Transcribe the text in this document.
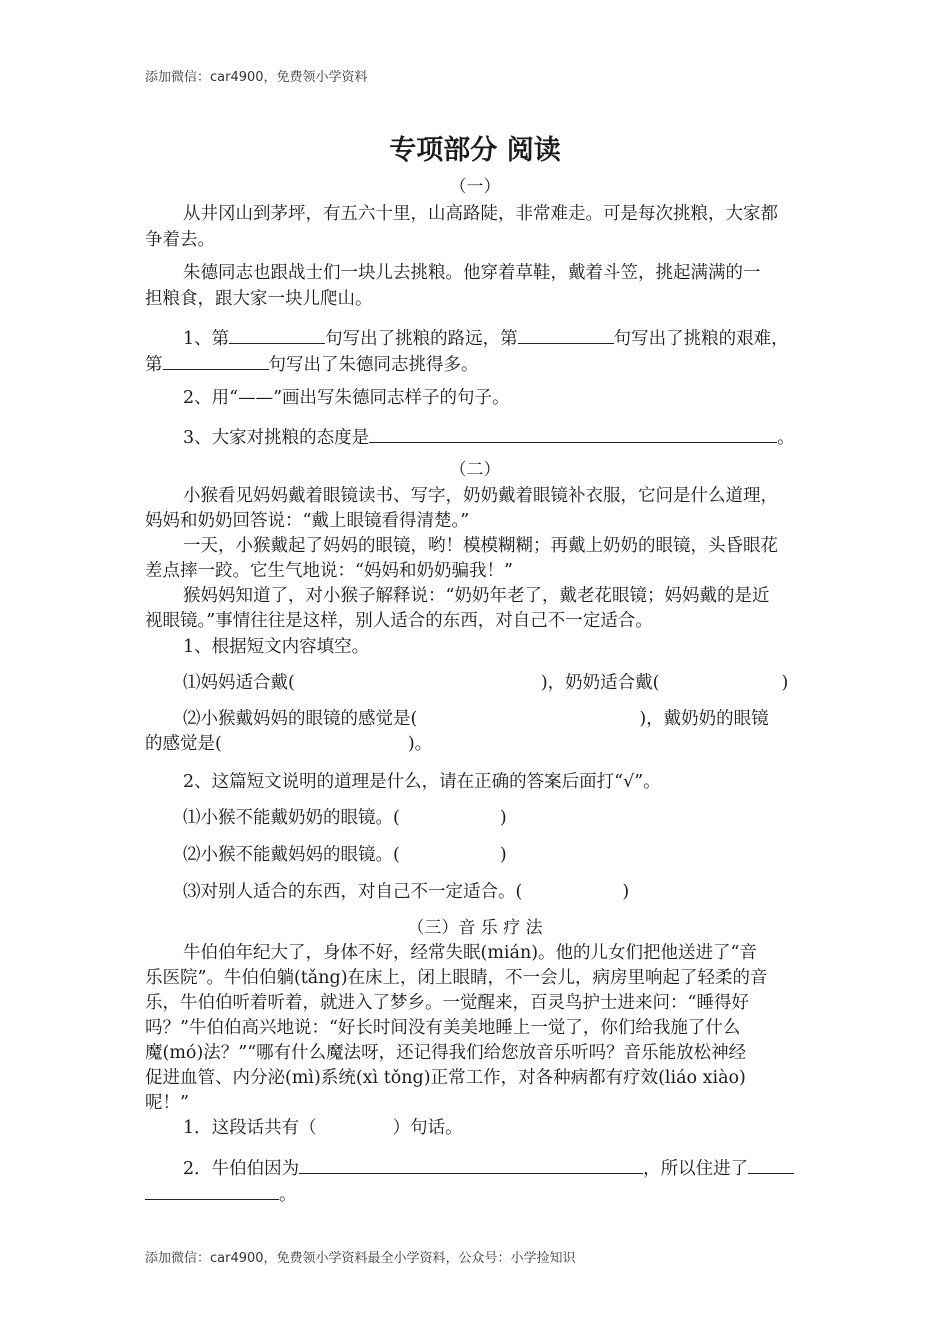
添加微信：car4900，免费领小学资料
专项部分 阅读
（一）
从井冈山到茅坪，有五六十里，山高路陡，非常难走。可是每次挑粮，大家都
争着去。
朱德同志也跟战士们一块儿去挑粮。他穿着草鞋，戴着斗笠，挑起满满的一
担粮食，跟大家一块儿爬山。
1、第	句写出了挑粮的路远，第	句写出了挑粮的艰难，
第	句写出了朱德同志挑得多。
2、用“——”画出写朱德同志样子的句子。
3、大家对挑粮的态度是	。
（二）
小猴看见妈妈戴着眼镜读书、写字，奶奶戴着眼镜补衣服，它问是什么道理，
妈妈和奶奶回答说：“戴上眼镜看得清楚。”
一天，小猴戴起了妈妈的眼镜，哟！模模糊糊；再戴上奶奶的眼镜，头昏眼花
差点摔一跤。它生气地说：“妈妈和奶奶骗我！”
猴妈妈知道了，对小猴子解释说：“奶奶年老了，戴老花眼镜；妈妈戴的是近
视眼镜。”事情往往是这样，别人适合的东西，对自己不一定适合。
1、根据短文内容填空。
⑴妈妈适合戴(	)，奶奶适合戴(	)
⑵小猴戴妈妈的眼镜的感觉是(	)，戴奶奶的眼镜
的感觉是(	)。
2、这篇短文说明的道理是什么，请在正确的答案后面打“√”。
⑴小猴不能戴奶奶的眼镜。(	)
⑵小猴不能戴妈妈的眼镜。(	)
⑶对别人适合的东西，对自己不一定适合。(	)
（三）音 乐 疗 法
牛伯伯年纪大了，身体不好，经常失眠(mián)。他的儿女们把他送进了“音
乐医院”。牛伯伯躺(tǎng)在床上，闭上眼睛，不一会儿，病房里响起了轻柔的音
乐，牛伯伯听着听着，就进入了梦乡。一觉醒来，百灵鸟护士进来问：“睡得好
吗？”牛伯伯高兴地说：“好长时间没有美美地睡上一觉了，你们给我施了什么
魔(mó)法？”“哪有什么魔法呀，还记得我们给您放音乐听吗？音乐能放松神经
促进血管、内分泌(mì)系统(xì tǒng)正常工作，对各种病都有疗效(liáo xiào)
呢！”
1．这段话共有（	）句话。
2．牛伯伯因为	，所以住进了
。
添加微信：car4900，免费领小学资料最全小学资料，公众号：小学捡知识
